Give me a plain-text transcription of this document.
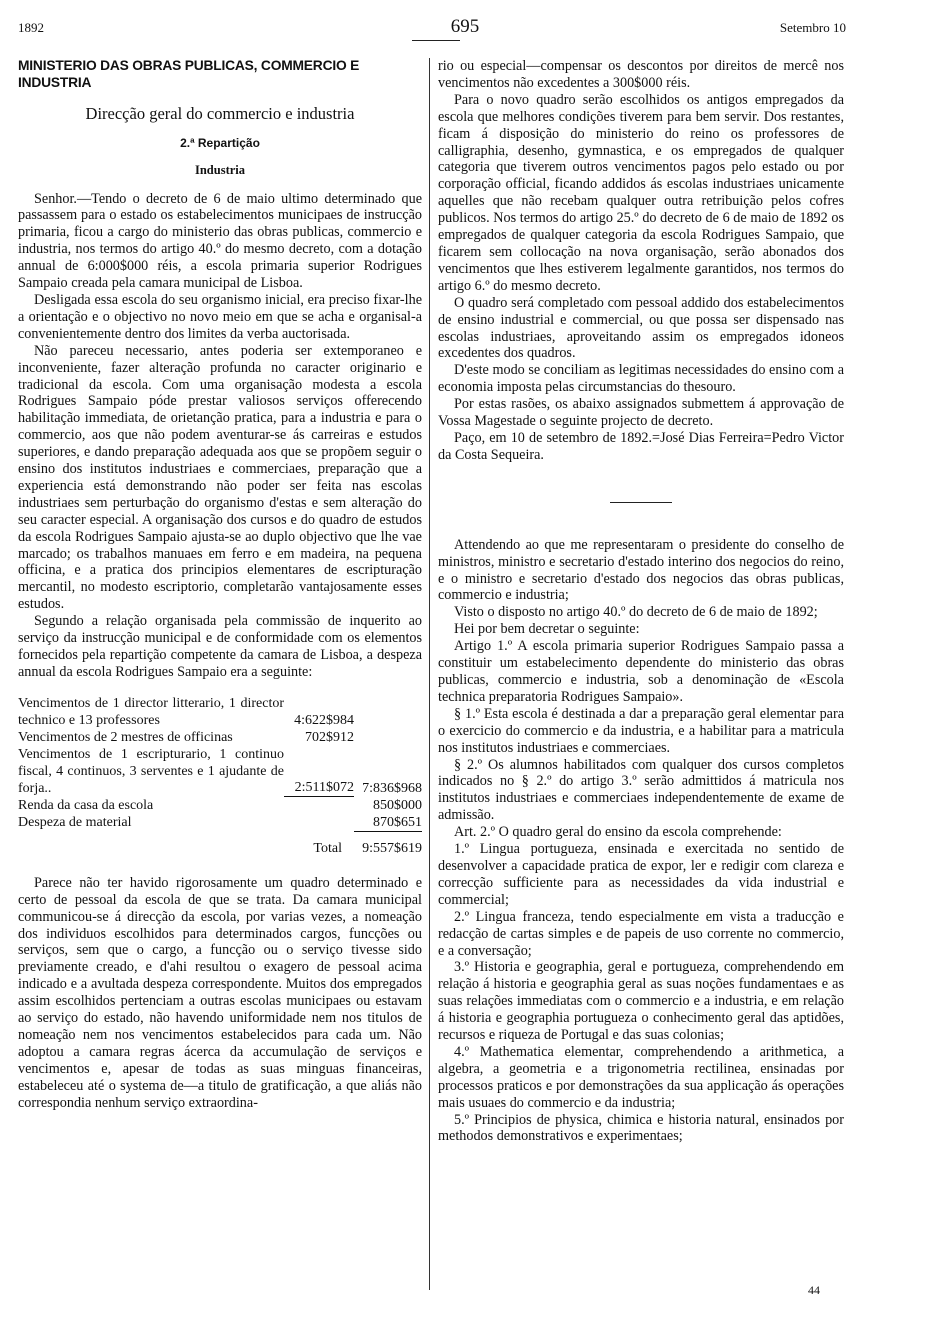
1892	695	Setembro 10
MINISTERIO DAS OBRAS PUBLICAS, COMMERCIO E INDUSTRIA
Direcção geral do commercio e industria
2.ª Repartição
Industria

Senhor.—Tendo o decreto de 6 de maio ultimo determinado que passassem para o estado os estabelecimentos municipaes de instrucção primaria, ficou a cargo do ministerio das obras publicas, commercio e industria, nos termos do artigo 40.º do mesmo decreto, com a dotação annual de 6:000$000 réis, a escola primaria superior Rodrigues Sampaio creada pela camara municipal de Lisboa.

Desligada essa escola do seu organismo inicial, era preciso fixar-lhe a orientação e o objectivo no novo meio em que se acha e organisal-a convenientemente dentro dos limites da verba auctorisada.

Não pareceu necessario, antes poderia ser extemporaneo e inconveniente, fazer alteração profunda no caracter originario e tradicional da escola. Com uma organisação modesta a escola Rodrigues Sampaio póde prestar valiosos serviços offerecendo habilitação immediata, de orietanção pratica, para a industria e para o commercio, aos que não podem aventurar-se ás carreiras e estudos superiores, e dando preparação adequada aos que se propõem seguir o ensino dos institutos industriaes e commerciaes, preparação que a experiencia está demonstrando não poder ser feita nas escolas industriaes sem perturbação do organismo d'estas e sem alteração do seu caracter especial. A organisação dos cursos e do quadro de estudos da escola Rodrigues Sampaio ajusta-se ao duplo objectivo que lhe vae marcado; os trabalhos manuaes em ferro e em madeira, na pequena officina, e a pratica dos principios elementares de escripturação mercantil, no modesto escriptorio, completarão vantajosamente esses estudos.

Segundo a relação organisada pela commissão de inquerito ao serviço da instrucção municipal e de conformidade com os elementos fornecidos pela repartição competente da camara de Lisboa, a despeza annual da escola Rodrigues Sampaio era a seguinte:

Vencimentos de 1 director litterario, 1 director technico e 13 professores	4:622$984
Vencimentos de 2 mestres de officinas	702$912
Vencimentos de 1 escripturario, 1 continuo fiscal, 4 continuos, 3 serventes e 1 ajudante de forja..	2:511$072 7:836$968
Renda da casa da escola	850$000
Despeza de material	870$651
Total	9:557$619

Parece não ter havido rigorosamente um quadro determinado e certo de pessoal da escola de que se trata. Da camara municipal communicou-se á direcção da escola, por varias vezes, a nomeação dos individuos escolhidos para determinados cargos, funcções ou serviços, sem que o cargo, a funcção ou o serviço tivesse sido previamente creado, e d'ahi resultou o exagero de pessoal acima indicado e a avultada despeza correspondente. Muitos dos empregados assim escolhidos pertenciam a outras escolas municipaes ou estavam ao serviço do estado, não havendo uniformidade nem nos titulos de nomeação nem nos vencimentos estabelecidos para cada um. Não adoptou a camara regras ácerca da accumulação de serviços e vencimentos e, apesar de todas as suas minguas financeiras, estabeleceu até o systema de—a titulo de gratificação, a que aliás não correspondia nenhum serviço extraordina-

rio ou especial—compensar os descontos por direitos de mercê nos vencimentos não excedentes a 300$000 réis.

Para o novo quadro serão escolhidos os antigos empregados da escola que melhores condições tiverem para bem servir. Dos restantes, ficam á disposição do ministerio do reino os professores de calligraphia, desenho, gymnastica, e os empregados de qualquer categoria que tiverem outros vencimentos pagos pelo estado ou por corporação official, ficando addidos ás escolas industriaes unicamente aquelles que não recebam qualquer outra retribuição pelos cofres publicos. Nos termos do artigo 25.º do decreto de 6 de maio de 1892 os empregados de qualquer categoria da escola Rodrigues Sampaio, que ficarem sem collocação na nova organisação, serão abonados dos vencimentos que lhes estiverem legalmente garantidos, nos termos do artigo 6.º do mesmo decreto.

O quadro será completado com pessoal addido dos estabelecimentos de ensino industrial e commercial, ou que possa ser dispensado nas escolas industriaes, aproveitando assim os empregados idoneos excedentes dos quadros.

D'este modo se conciliam as legitimas necessidades do ensino com a economia imposta pelas circumstancias do thesouro.

Por estas rasões, os abaixo assignados submettem á approvação de Vossa Magestade o seguinte projecto de decreto.

Paço, em 10 de setembro de 1892.=José Dias Ferreira=Pedro Victor da Costa Sequeira.

Attendendo ao que me representaram o presidente do conselho de ministros, ministro e secretario d'estado interino dos negocios do reino, e o ministro e secretario d'estado dos negocios das obras publicas, commercio e industria;

Visto o disposto no artigo 40.º do decreto de 6 de maio de 1892;

Hei por bem decretar o seguinte:

Artigo 1.º A escola primaria superior Rodrigues Sampaio passa a constituir um estabelecimento dependente do ministerio das obras publicas, commercio e industria, sob a denominação de «Escola technica preparatoria Rodrigues Sampaio».

§ 1.º Esta escola é destinada a dar a preparação geral elementar para o exercicio do commercio e da industria, e a habilitar para a matricula nos institutos industriaes e commerciaes.

§ 2.º Os alumnos habilitados com qualquer dos cursos completos indicados no § 2.º do artigo 3.º serão admittidos á matricula nos institutos industriaes e commerciaes independentemente de exame de admissão.

Art. 2.º O quadro geral do ensino da escola comprehende:

1.º Lingua portugueza, ensinada e exercitada no sentido de desenvolver a capacidade pratica de expor, ler e redigir com clareza e correcção sufficiente para as necessidades da vida industrial e commercial;

2.º Lingua franceza, tendo especialmente em vista a traducção e redacção de cartas simples e de papeis de uso corrente no commercio, e a conversação;

3.º Historia e geographia, geral e portugueza, comprehendendo em relação á historia e geographia geral as suas noções fundamentaes e as suas relações immediatas com o commercio e a industria, e em relação á historia e geographia portugueza o conhecimento geral das aptidões, recursos e riqueza de Portugal e das suas colonias;

4.º Mathematica elementar, comprehendendo a arithmetica, a algebra, a geometria e a trigonometria rectilinea, ensinadas por processos praticos e por demonstrações da sua applicação ás operações mais usuaes do commercio e da industria;

5.º Principios de physica, chimica e historia natural, ensinados por methodos demonstrativos e experimentaes;

44
